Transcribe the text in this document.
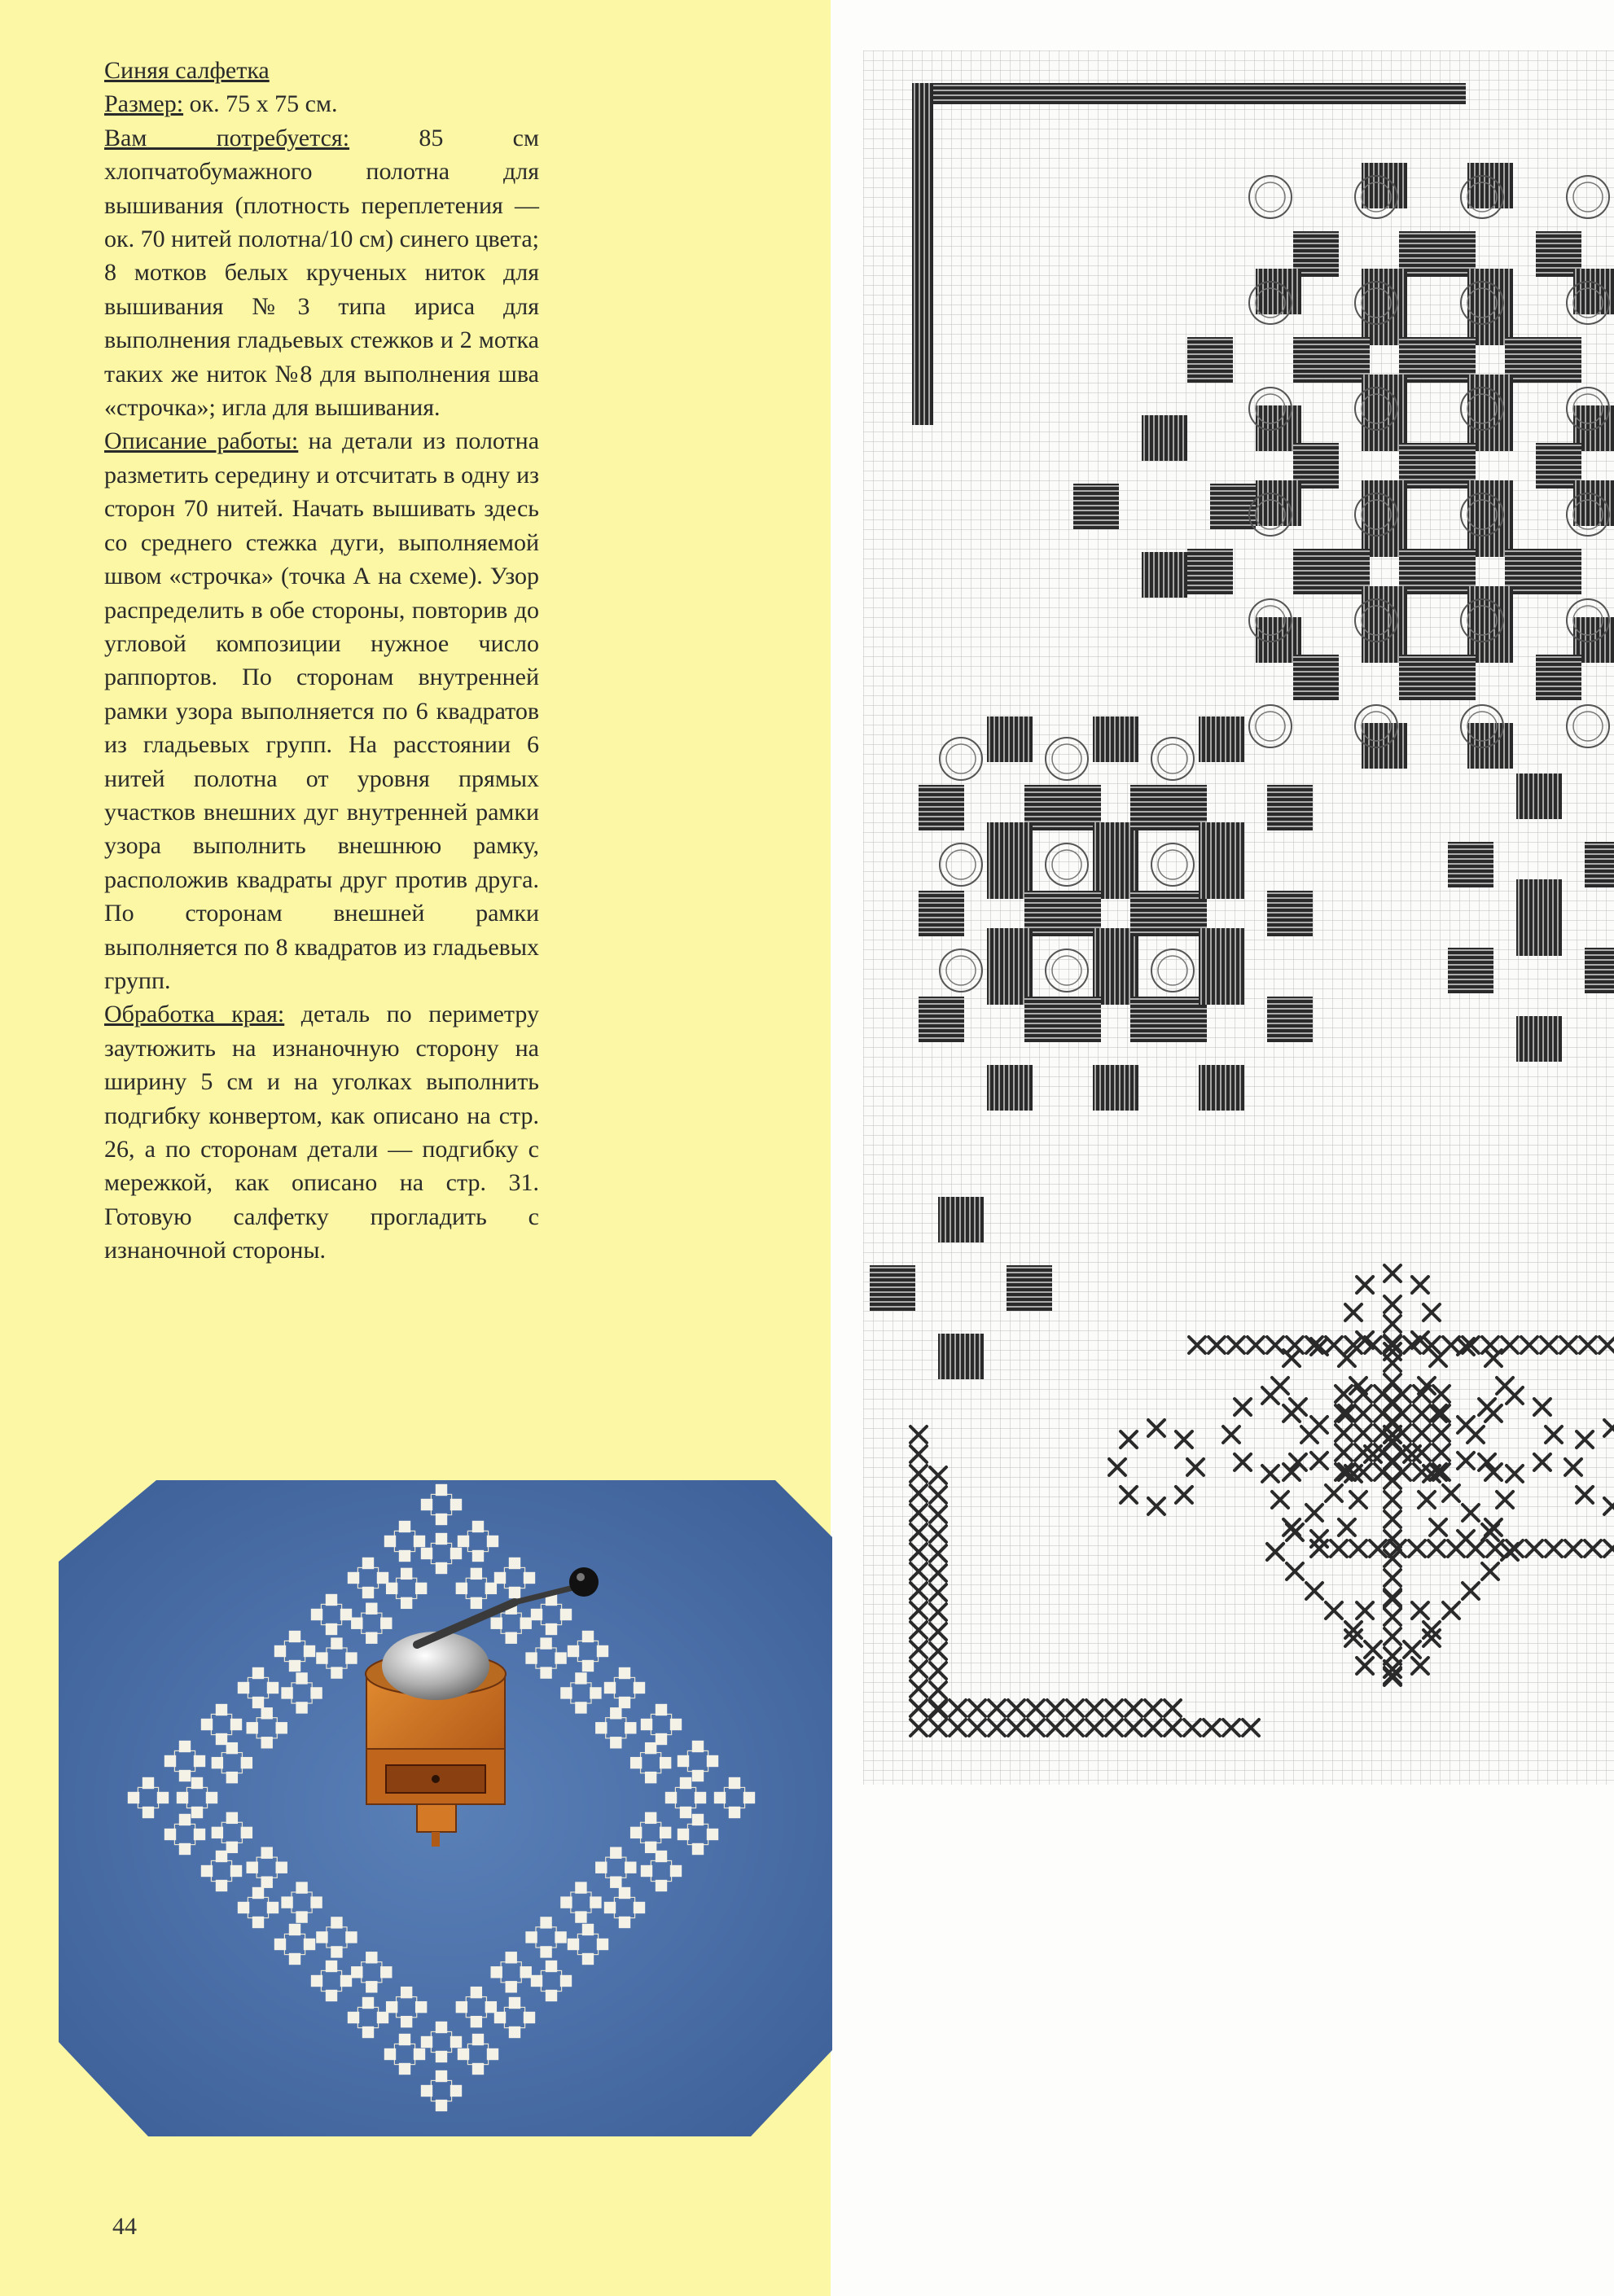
Синяя салфетка

Размер: ок. 75 х 75 см.

Вам потребуется: 85 см хлопчатобумажного полотна для вышивания (плотность переплетения — ок. 70 нитей полотна/10 см) синего цвета; 8 мотков белых крученых ниток для вышивания №3 типа ириса для выполнения гладьевых стежков и 2 мотка таких же ниток №8 для выполнения шва «строчка»; игла для вышивания.

Описание работы: на детали из полотна разметить середину и отсчитать в одну из сторон 70 нитей. Начать вышивать здесь со среднего стежка дуги, выполняемой швом «строчка» (точка А на схеме). Узор распределить в обе стороны, повторив до угловой композиции нужное число раппортов. По сторонам внутренней рамки узора выполняется по 6 квадратов из гладьевых групп. На расстоянии 6 нитей полотна от уровня прямых участков внешних дуг внутренней рамки узора выполнить внешнюю рамку, расположив квадраты друг против друга. По сторонам внешней рамки выполняется по 8 квадратов из гладьевых групп.

Обработка края: деталь по периметру заутюжить на изнаночную сторону на ширину 5 см и на уголках выполнить подгибку конвертом, как описано на стр. 26, а по сторонам детали — подгибку с мережкой, как описано на стр. 31. Готовую салфетку прогладить с изнаночной стороны.

44
